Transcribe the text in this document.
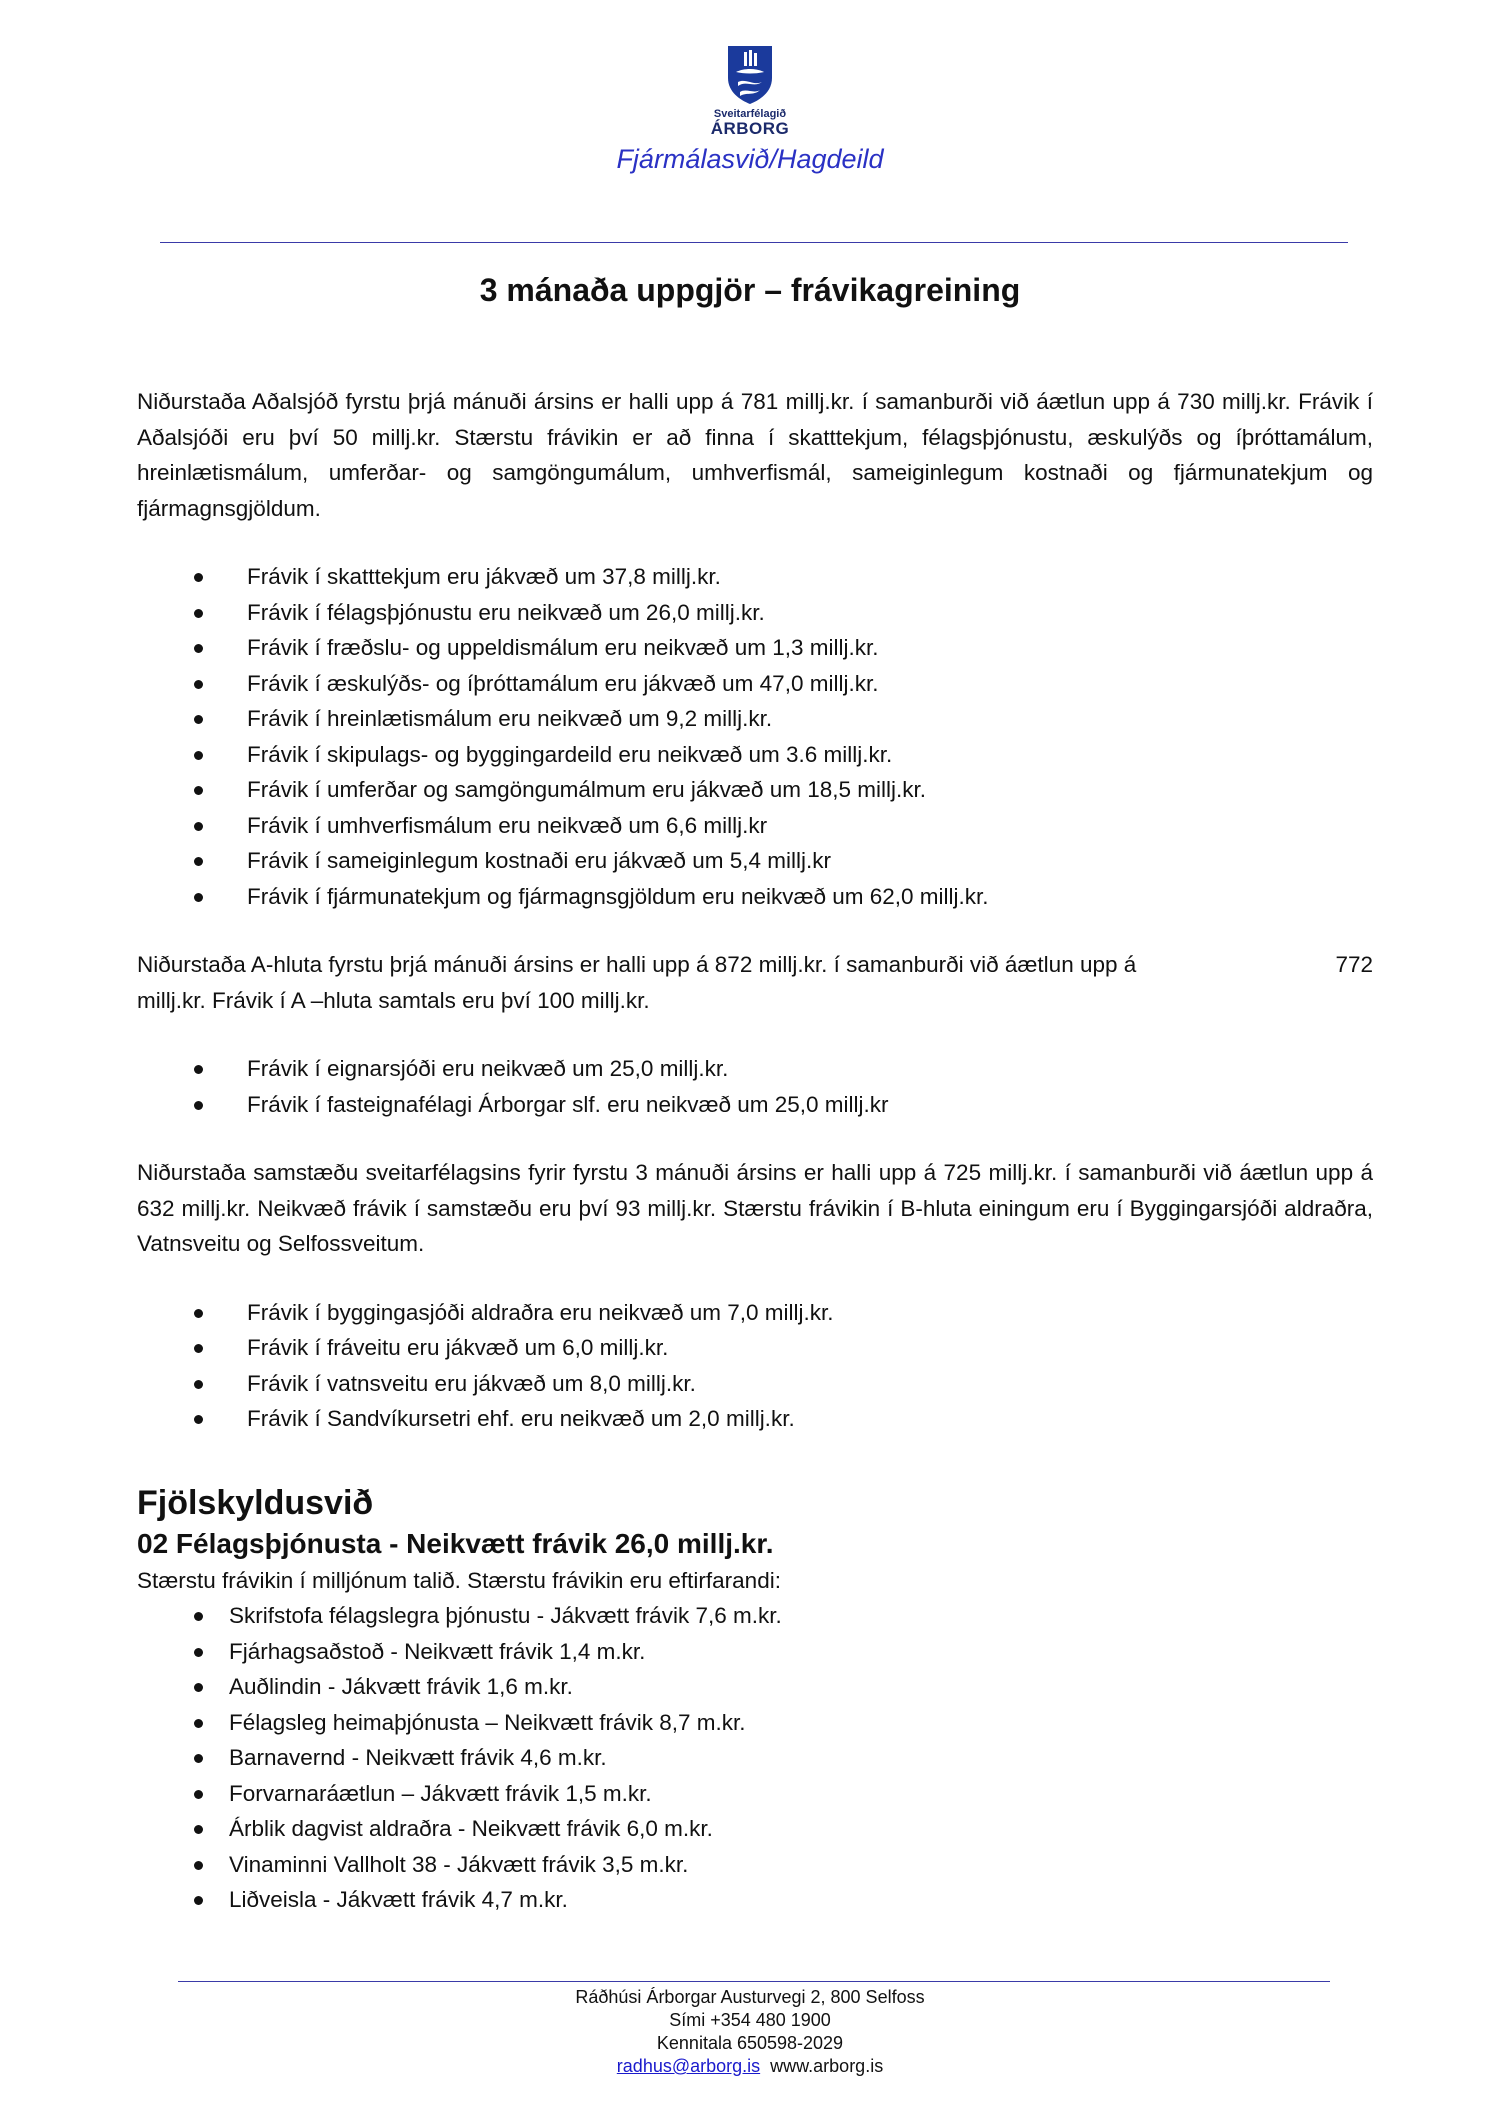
Sveitarfélagið
ÁRBORG
Fjármálasvið/Hagdeild
3 mánaða uppgjör – frávikagreining

Niðurstaða Aðalsjóð fyrstu þrjá mánuði ársins er halli upp á 781 millj.kr. í samanburði við áætlun upp á 730 millj.kr. Frávik í Aðalsjóði eru því 50 millj.kr. Stærstu frávikin er að finna í skatttekjum, félagsþjónustu, æskulýðs og íþróttamálum, hreinlætismálum, umferðar- og samgöngumálum, umhverfismál, sameiginlegum kostnaði og fjármunatekjum og fjármagnsgjöldum.

Frávik í skatttekjum eru jákvæð um 37,8 millj.kr.
Frávik í félagsþjónustu eru neikvæð um 26,0 millj.kr.
Frávik í fræðslu- og uppeldismálum eru neikvæð um 1,3 millj.kr.
Frávik í æskulýðs- og íþróttamálum eru jákvæð um 47,0 millj.kr.
Frávik í hreinlætismálum eru neikvæð um 9,2 millj.kr.
Frávik í skipulags- og byggingardeild eru neikvæð um 3.6 millj.kr.
Frávik í umferðar og samgöngumálmum eru jákvæð um 18,5 millj.kr.
Frávik í umhverfismálum eru neikvæð um 6,6 millj.kr
Frávik í sameiginlegum kostnaði eru jákvæð um 5,4 millj.kr
Frávik í fjármunatekjum og fjármagnsgjöldum eru neikvæð um 62,0 millj.kr.
Niðurstaða A-hluta fyrstu þrjá mánuði ársins er halli upp á 872 millj.kr. í samanburði við áætlun upp á	772
millj.kr. Frávik í A –hluta samtals eru því 100 millj.kr.
Frávik í eignarsjóði eru neikvæð um 25,0 millj.kr.
Frávik í fasteignafélagi Árborgar slf. eru neikvæð um 25,0 millj.kr

Niðurstaða samstæðu sveitarfélagsins fyrir fyrstu 3 mánuði ársins er halli upp á 725 millj.kr. í samanburði við áætlun upp á 632 millj.kr. Neikvæð frávik í samstæðu eru því 93 millj.kr. Stærstu frávikin í B-hluta einingum eru í Byggingarsjóði aldraðra, Vatnsveitu og Selfossveitum.

Frávik í byggingasjóði aldraðra eru neikvæð um 7,0 millj.kr.
Frávik í fráveitu eru jákvæð um 6,0 millj.kr.
Frávik í vatnsveitu eru jákvæð um 8,0 millj.kr.
Frávik í Sandvíkursetri ehf. eru neikvæð um 2,0 millj.kr.
Fjölskyldusvið
02 Félagsþjónusta - Neikvætt frávik 26,0 millj.kr.
Stærstu frávikin í milljónum talið. Stærstu frávikin eru eftirfarandi:
Skrifstofa félagslegra þjónustu - Jákvætt frávik 7,6 m.kr.
Fjárhagsaðstoð - Neikvætt frávik 1,4 m.kr.
Auðlindin - Jákvætt frávik 1,6 m.kr.
Félagsleg heimaþjónusta – Neikvætt frávik 8,7 m.kr.
Barnavernd - Neikvætt frávik 4,6 m.kr.
Forvarnaráætlun – Jákvætt frávik 1,5 m.kr.
Árblik dagvist aldraðra - Neikvætt frávik 6,0 m.kr.
Vinaminni Vallholt 38 - Jákvætt frávik 3,5 m.kr.
Liðveisla - Jákvætt frávik 4,7 m.kr.
Ráðhúsi Árborgar Austurvegi 2, 800 Selfoss
Sími +354 480 1900
Kennitala 650598-2029
radhus@arborg.is www.arborg.is
